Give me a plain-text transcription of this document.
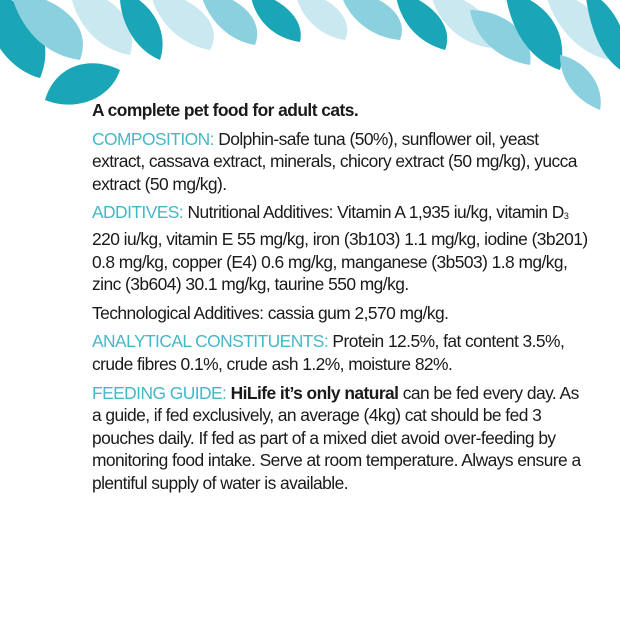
A complete pet food for adult cats.

COMPOSITION: Dolphin-safe tuna (50%), sunflower oil, yeast extract, cassava extract, minerals, chicory extract (50 mg/kg), yucca extract (50 mg/kg).

ADDITIVES: Nutritional Additives: Vitamin A 1,935 iu/kg, vitamin D3 220 iu/kg, vitamin E 55 mg/kg, iron (3b103) 1.1 mg/kg, iodine (3b201) 0.8 mg/kg, copper (E4) 0.6 mg/kg, manganese (3b503) 1.8 mg/kg, zinc (3b604) 30.1 mg/kg, taurine 550 mg/kg.

Technological Additives: cassia gum 2,570 mg/kg.

ANALYTICAL CONSTITUENTS: Protein 12.5%, fat content 3.5%, crude fibres 0.1%, crude ash 1.2%, moisture 82%.

FEEDING GUIDE: HiLife it’s only natural can be fed every day. As a guide, if fed exclusively, an average (4kg) cat should be fed 3 pouches daily. If fed as part of a mixed diet avoid over-feeding by monitoring food intake. Serve at room temperature. Always ensure a plentiful supply of water is available.
